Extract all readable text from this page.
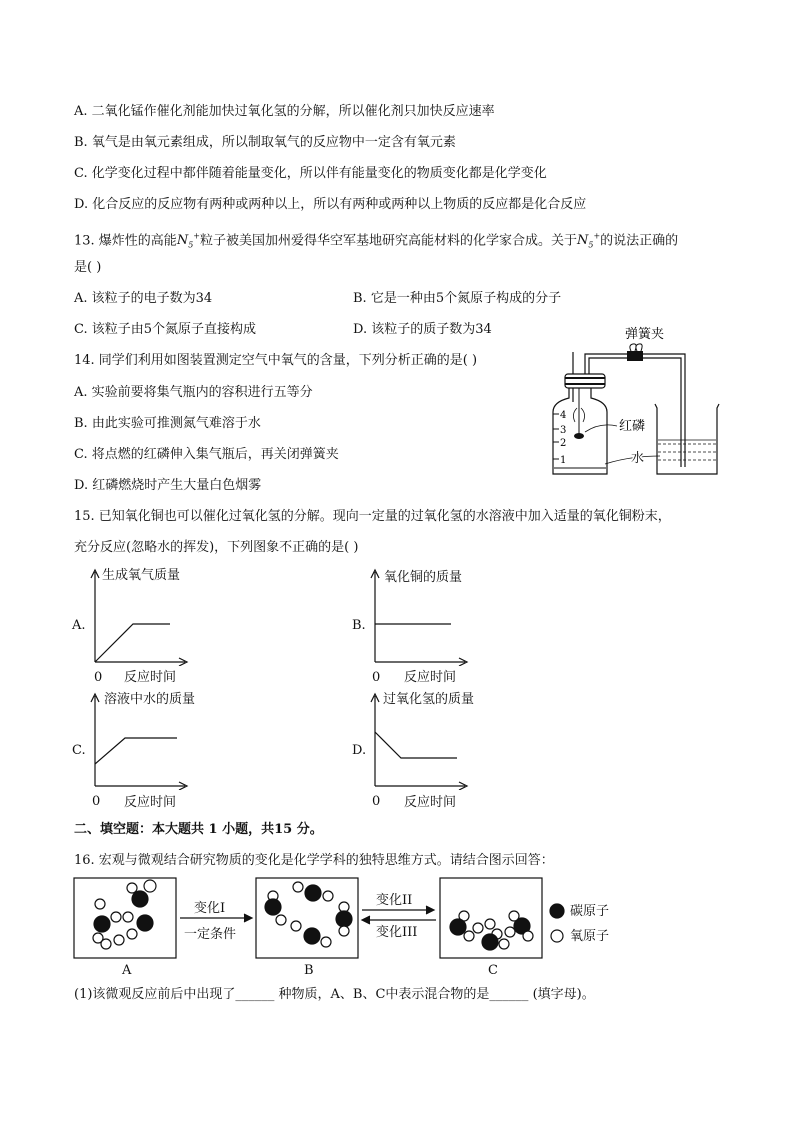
A. 二氧化锰作催化剂能加快过氧化氢的分解，所以催化剂只加快反应速率
B. 氧气是由氧元素组成，所以制取氧气的反应物中一定含有氧元素
C. 化学变化过程中都伴随着能量变化，所以伴有能量变化的物质变化都是化学变化
D. 化合反应的反应物有两种或两种以上，所以有两种或两种以上物质的反应都是化合反应
13. 爆炸性的高能$N_5^+$粒子被美国加州爱得华空军基地研究高能材料的化学家合成。关于$N_5^+$的说法正确的
是( )
A. 该粒子的电子数为34	B. 它是一种由5个氮原子构成的分子
C. 该粒子由5个氮原子直接构成	D. 该粒子的质子数为34
14. 同学们利用如图装置测定空气中氧气的含量，下列分析正确的是( )
A. 实验前要将集气瓶内的容积进行五等分
B. 由此实验可推测氮气难溶于水
C. 将点燃的红磷伸入集气瓶后，再关闭弹簧夹
D. 红磷燃烧时产生大量白色烟雾
弹簧夹
4
3
2
1
红磷
水
15. 已知氧化铜也可以催化过氧化氢的分解。现向一定量的过氧化氢的水溶液中加入适量的氧化铜粉末，
充分反应(忽略水的挥发)，下列图象不正确的是( )
A.
生成氧气质量
0 反应时间
B.
氧化铜的质量
0 反应时间
C.
溶液中水的质量
0 反应时间
D.
过氧化氢的质量
0 反应时间
二、填空题：本大题共 1 小题，共15 分。
16. 宏观与微观结合研究物质的变化是化学学科的独特思维方式。请结合图示回答：
变化I
一定条件
变化II
变化III
碳原子
氧原子
A	B	C
(1)该微观反应前后中出现了______ 种物质，A、B、C中表示混合物的是______ (填字母)。
